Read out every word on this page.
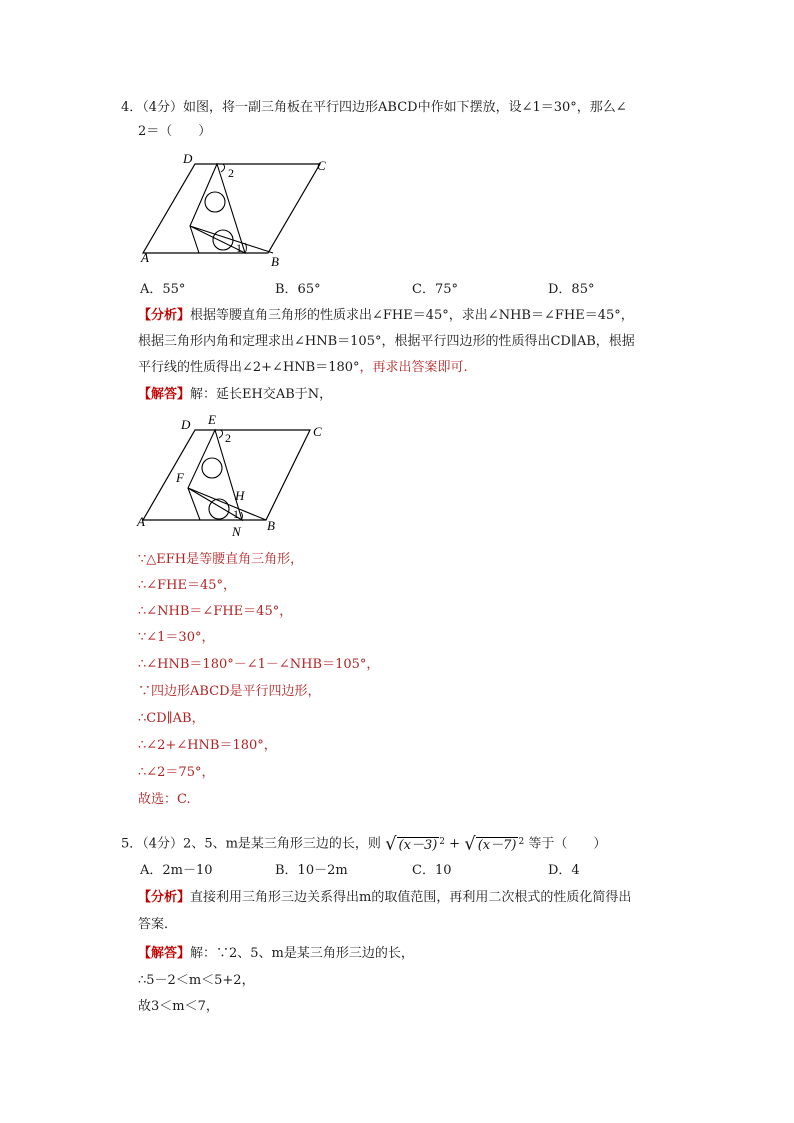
4．（4分）如图，将一副三角板在平行四边形ABCD中作如下摆放，设∠1＝30°，那么∠
2＝（　　）
D	C
A	B
1
2
A．55°	B．65°	C．75°	D．85°
【分析】根据等腰直角三角形的性质求出∠FHE＝45°，求出∠NHB＝∠FHE＝45°，
根据三角形内角和定理求出∠HNB＝105°，根据平行四边形的性质得出CD∥AB，根据
平行线的性质得出∠2+∠HNB＝180°，再求出答案即可.
【解答】解：延长EH交AB于N，
D E
C
F
H
A
N B
1
2
∵△EFH是等腰直角三角形，
∴∠FHE＝45°，
∴∠NHB＝∠FHE＝45°，
∵∠1＝30°，
∴∠HNB＝180°－∠1－∠NHB＝105°，
∵四边形ABCD是平行四边形，
∴CD∥AB，
∴∠2+∠HNB＝180°，
∴∠2＝75°，
故选：C.
5．（4分）2、5、m是某三角形三边的长，则 √ (x－3) $^2$ + √ (x－7) $^2$ 等于（　　）
A．2m－10	B．10－2m	C．10	D．4
【分析】直接利用三角形三边关系得出m的取值范围，再利用二次根式的性质化简得出
答案．
【解答】解：∵2、5、m是某三角形三边的长，
∴5－2＜m＜5+2，
故3＜m＜7，
